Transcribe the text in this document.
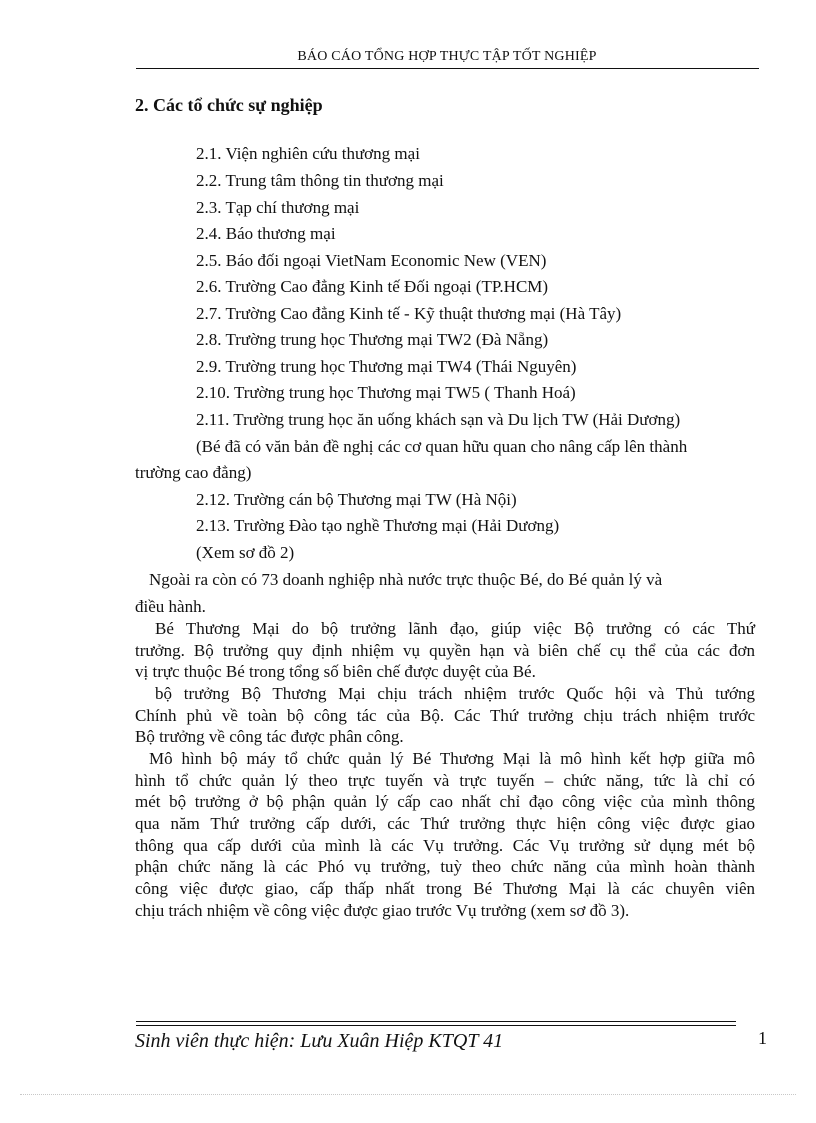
BÁO CÁO TỔNG HỢP THỰC TẬP TỐT NGHIỆP
2. Các tổ chức sự nghiệp
2.1. Viện nghiên cứu thương mại
2.2. Trung tâm thông tin thương mại
2.3. Tạp chí thương mại
2.4. Báo thương mại
2.5. Báo đối ngoại VietNam Economic New (VEN)
2.6. Trường Cao đẳng Kinh tế Đối ngoại (TP.HCM)
2.7. Trường Cao đẳng Kinh tế - Kỹ thuật thương mại (Hà Tây)
2.8. Trường trung học Thương mại TW2 (Đà Nẵng)
2.9. Trường trung học Thương mại TW4 (Thái Nguyên)
2.10. Trường trung học Thương mại TW5 ( Thanh Hoá)
2.11. Trường trung học ăn uống khách sạn và Du lịch TW (Hải Dương)
(Bé đã có văn bản đề nghị các cơ quan hữu quan cho nâng cấp lên thành
trường cao đẳng)
2.12. Trường cán bộ Thương mại TW (Hà Nội)
2.13. Trường Đào tạo nghề Thương mại (Hải Dương)
(Xem sơ đồ 2)
Ngoài ra còn có 73 doanh nghiệp nhà nước trực thuộc Bé, do Bé quản lý và
điều hành.
Bé Thương Mại do bộ trưởng lãnh đạo, giúp việc Bộ trưởng có các Thứ
trưởng. Bộ trưởng quy định nhiệm vụ quyền hạn và biên chế cụ thể của các đơn
vị trực thuộc Bé trong tổng số biên chế được duyệt của Bé.
bộ trưởng Bộ Thương Mại chịu trách nhiệm trước Quốc hội và Thủ tướng
Chính phủ về toàn bộ công tác của Bộ. Các Thứ trưởng chịu trách nhiệm trước
Bộ trưởng về công tác được phân công.
Mô hình bộ máy tổ chức quản lý Bé Thương Mại là mô hình kết hợp giữa mô
hình tổ chức quản lý theo trực tuyến và trực tuyến – chức năng, tức là chỉ có
mét bộ trưởng ở bộ phận quản lý cấp cao nhất chỉ đạo công việc của mình thông
qua năm Thứ trưởng cấp dưới, các Thứ trưởng thực hiện công việc được giao
thông qua cấp dưới của mình là các Vụ trưởng. Các Vụ trưởng sử dụng mét bộ
phận chức năng là các Phó vụ trưởng, tuỳ theo chức năng của mình hoàn thành
công việc được giao, cấp thấp nhất trong Bé Thương Mại là các chuyên viên
chịu trách nhiệm về công việc được giao trước Vụ trưởng (xem sơ đồ 3).
Sinh viên thực hiện: Lưu Xuân Hiệp KTQT 41	1
